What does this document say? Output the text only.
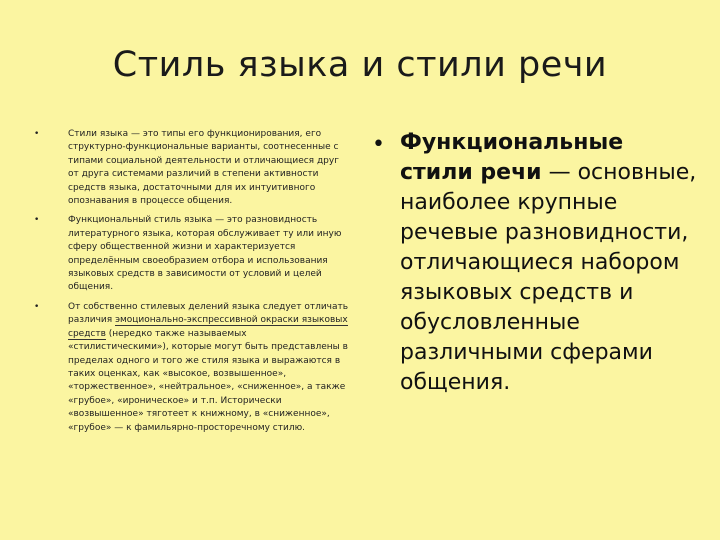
Стиль языка и стили речи
•	Стили языка — это типы его функционирования, его структурно-функциональные варианты, соотнесенные с типами социальной деятельности и отличающиеся друг от друга системами различий в степени активности средств языка, достаточными для их интуитивного опознавания в процессе общения.
•	Функциональный стиль языка — это разновидность литературного языка, которая обслуживает ту или иную сферу общественной жизни и характеризуется определённым своеобразием отбора и использования языковых средств в зависимости от условий и целей общения.
•	От собственно стилевых делений языка следует отличать различия эмоционально-экспрессивной окраски языковых средств (нередко также называемых «стилистическими»), которые могут быть представлены в пределах одного и того же стиля языка и выражаются в таких оценках, как «высокое, возвышенное», «торжественное», «нейтральное», «сниженное», а также «грубое», «ироническое» и т.п. Исторически «возвышенное» тяготеет к книжному, в «сниженное», «грубое» — к фамильярно-просторечному стилю.
• Функциональные стили речи — основные, наиболее крупные речевые разновидности, отличающиеся набором языковых средств и обусловленные различными сферами общения.
